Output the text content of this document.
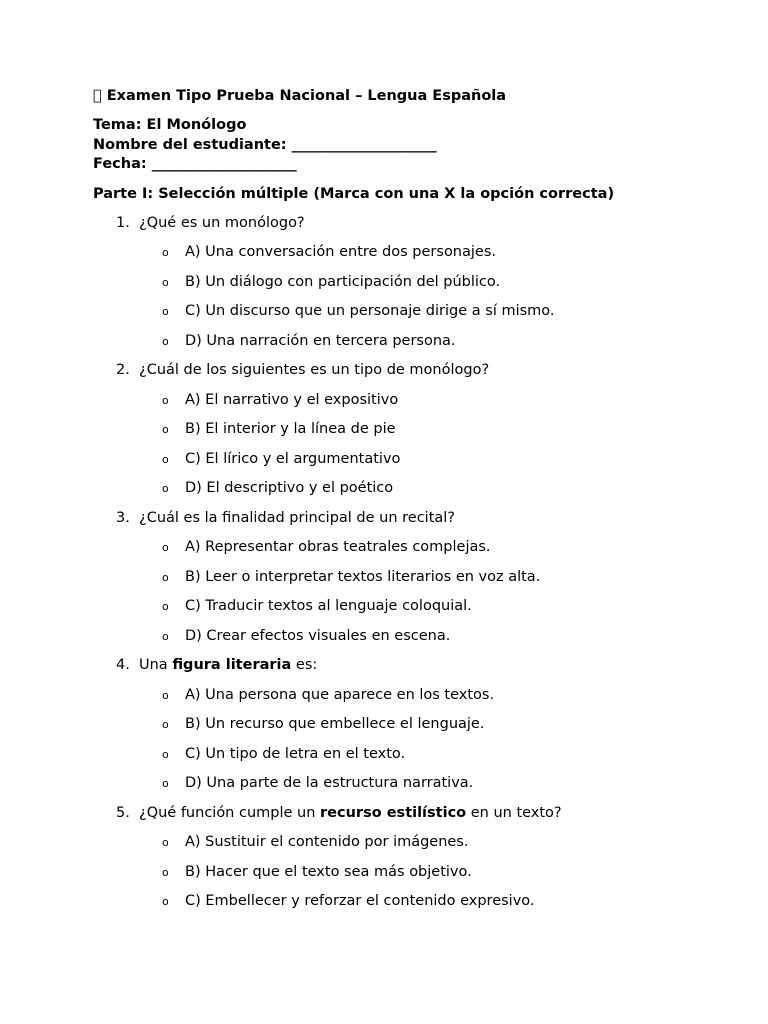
Examen Tipo Prueba Nacional – Lengua Española
Tema: El Monólogo
Nombre del estudiante: ____________________
Fecha: ____________________
Parte I: Selección múltiple (Marca con una X la opción correcta)
1. ¿Qué es un monólogo?
o A) Una conversación entre dos personajes.
o B) Un diálogo con participación del público.
o C) Un discurso que un personaje dirige a sí mismo.
o D) Una narración en tercera persona.
2. ¿Cuál de los siguientes es un tipo de monólogo?
o A) El narrativo y el expositivo
o B) El interior y la línea de pie
o C) El lírico y el argumentativo
o D) El descriptivo y el poético
3. ¿Cuál es la finalidad principal de un recital?
o A) Representar obras teatrales complejas.
o B) Leer o interpretar textos literarios en voz alta.
o C) Traducir textos al lenguaje coloquial.
o D) Crear efectos visuales en escena.
4. Una figura literaria es:
o A) Una persona que aparece en los textos.
o B) Un recurso que embellece el lenguaje.
o C) Un tipo de letra en el texto.
o D) Una parte de la estructura narrativa.
5. ¿Qué función cumple un recurso estilístico en un texto?
o A) Sustituir el contenido por imágenes.
o B) Hacer que el texto sea más objetivo.
o C) Embellecer y reforzar el contenido expresivo.
